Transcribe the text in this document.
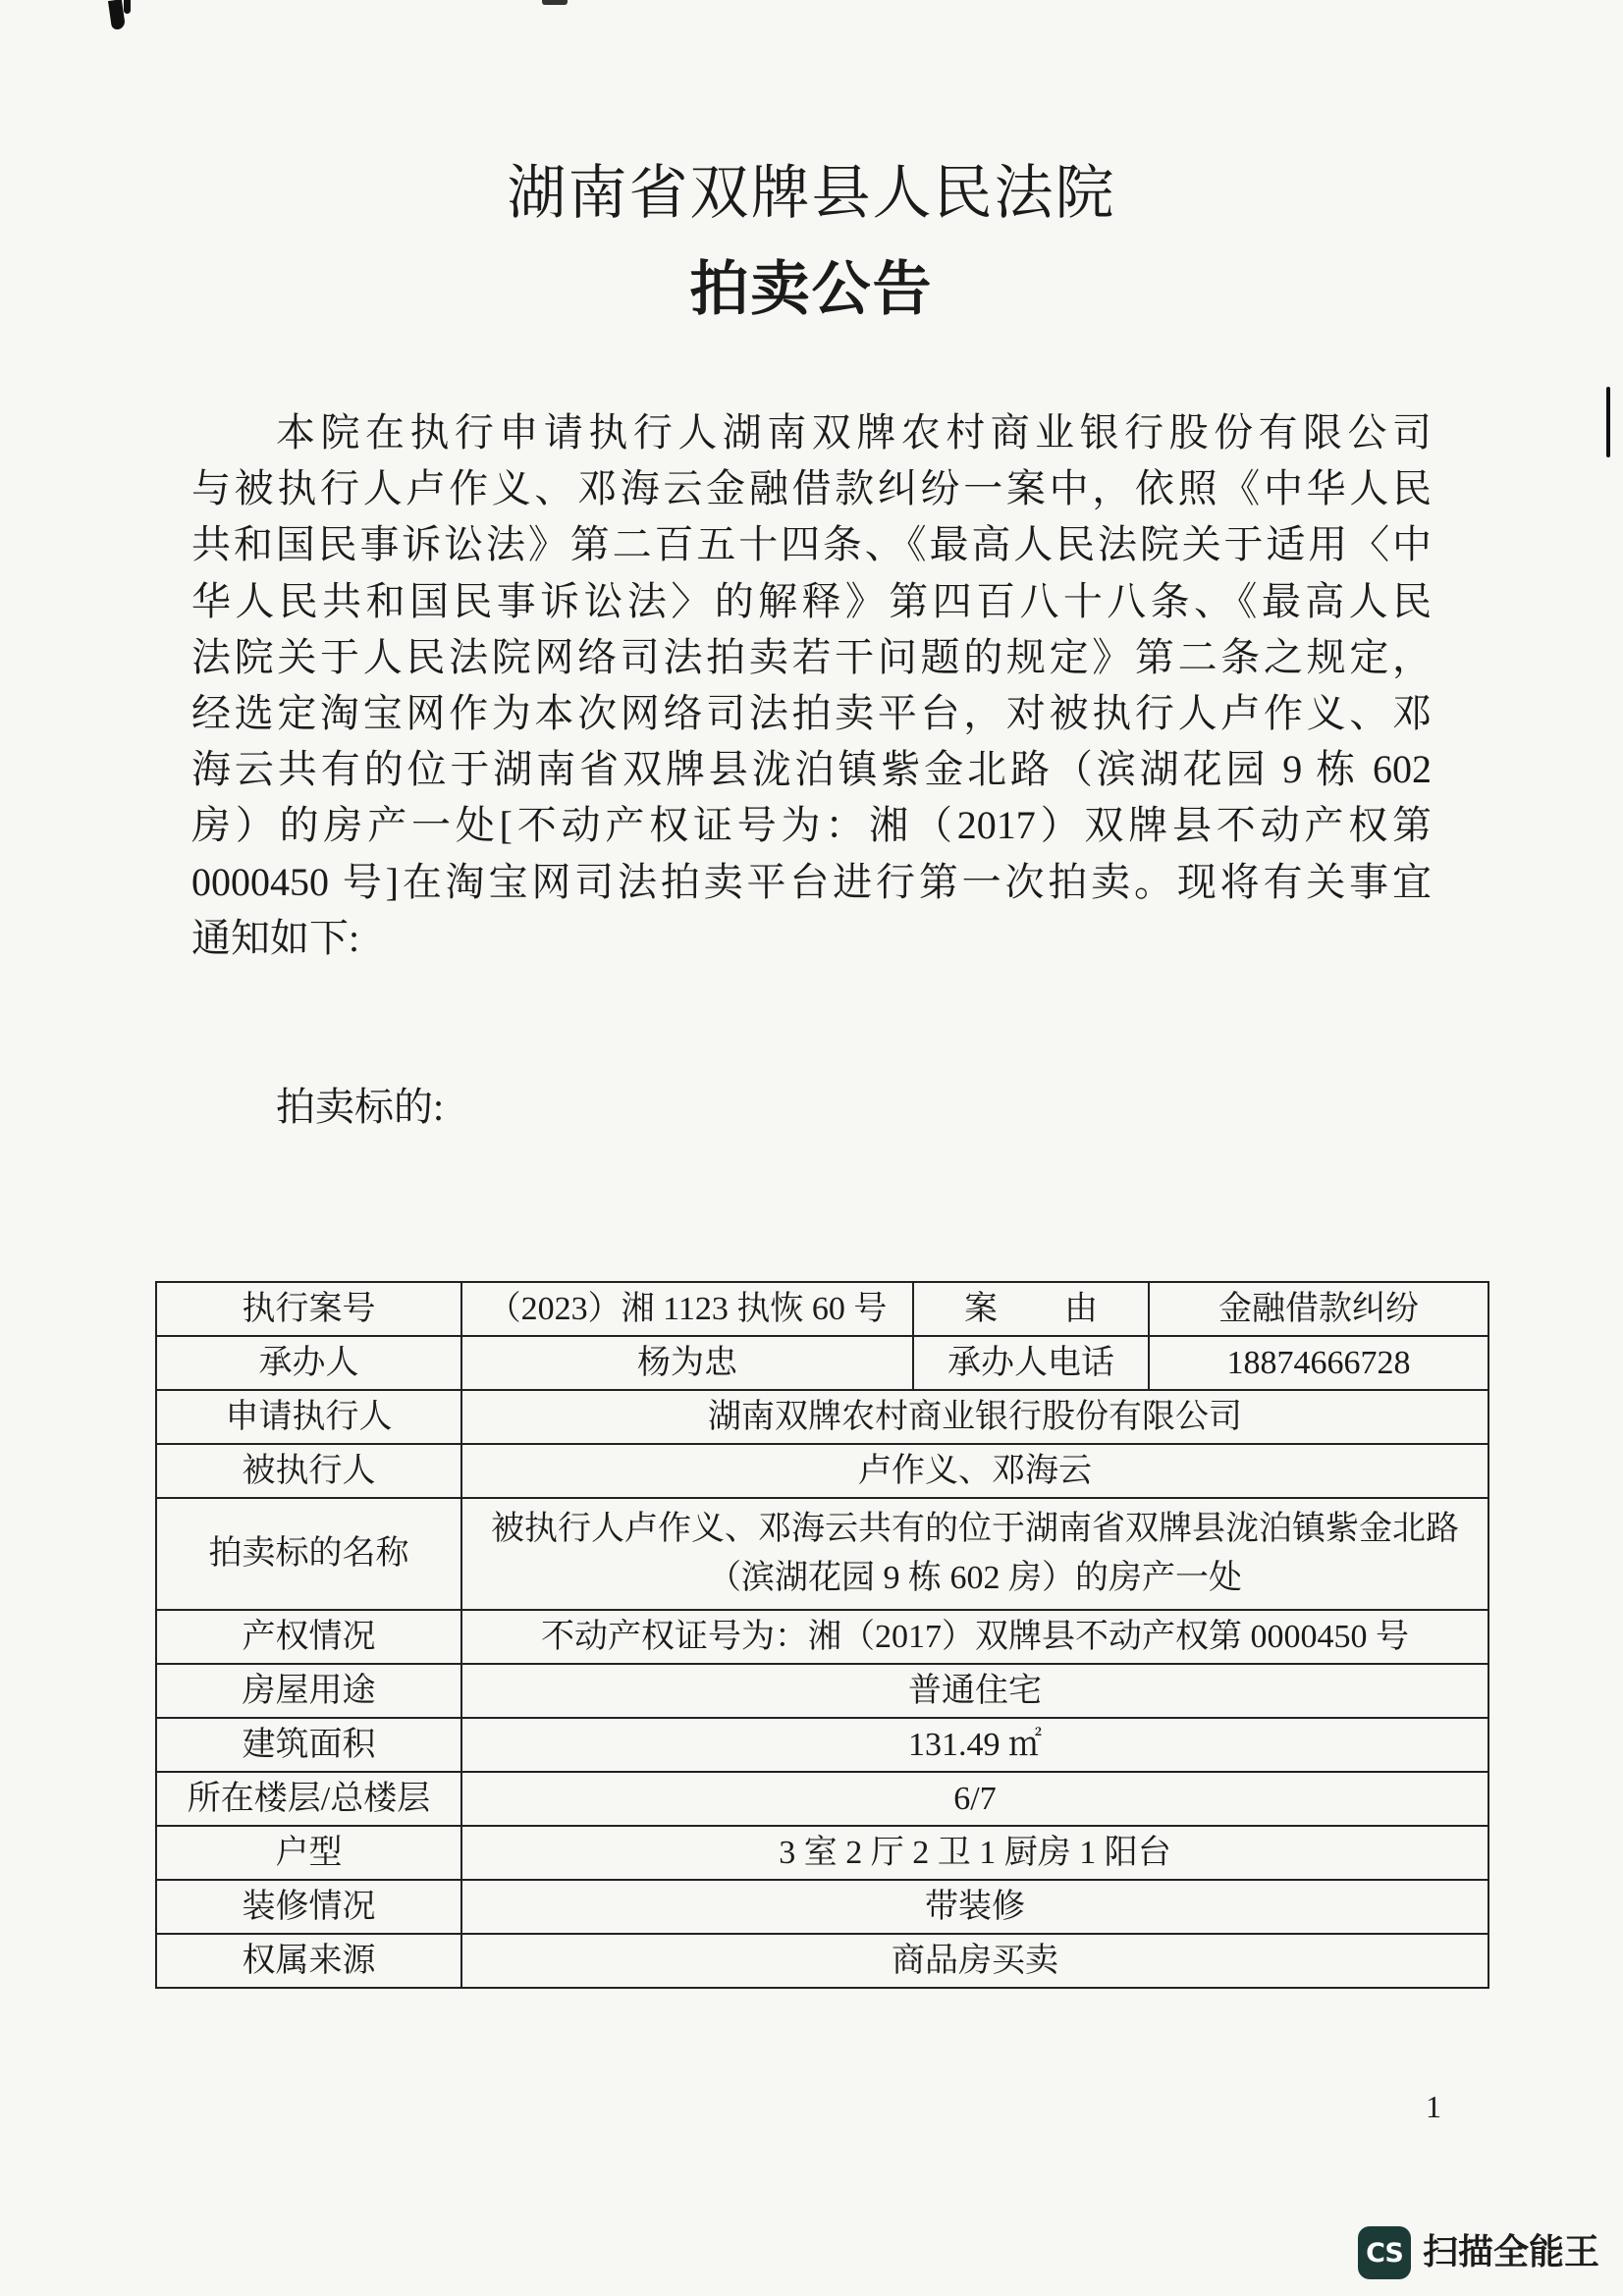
湖南省双牌县人民法院
拍卖公告
本院在执行申请执行人湖南双牌农村商业银行股份有限公司
与被执行人卢作义、邓海云金融借款纠纷一案中，依照《中华人民
共和国民事诉讼法》第二百五十四条、《最高人民法院关于适用〈中
华人民共和国民事诉讼法〉的解释》第四百八十八条、《最高人民
法院关于人民法院网络司法拍卖若干问题的规定》第二条之规定，
经选定淘宝网作为本次网络司法拍卖平台，对被执行人卢作义、邓
海云共有的位于湖南省双牌县泷泊镇紫金北路（滨湖花园 9 栋 602
房）的房产一处[不动产权证号为：湘（2017）双牌县不动产权第
0000450 号]在淘宝网司法拍卖平台进行第一次拍卖。现将有关事宜
通知如下:
拍卖标的:
执行案号	（2023）湘 1123 执恢 60 号	案　　由	金融借款纠纷
承办人	杨为忠	承办人电话	18874666728
申请执行人	湖南双牌农村商业银行股份有限公司		
被执行人	卢作义、邓海云		
拍卖标的名称	被执行人卢作义、邓海云共有的位于湖南省双牌县泷泊镇紫金北路
（滨湖花园 9 栋 602 房）的房产一处		

产权情况	不动产权证号为：湘（2017）双牌县不动产权第 0000450 号		
房屋用途	普通住宅		
建筑面积	131.49 ㎡		
所在楼层/总楼层	6/7		
户型	3 室 2 厅 2 卫 1 厨房 1 阳台		
装修情况	带装修		
权属来源	商品房买卖		
1
CS 扫描全能王
